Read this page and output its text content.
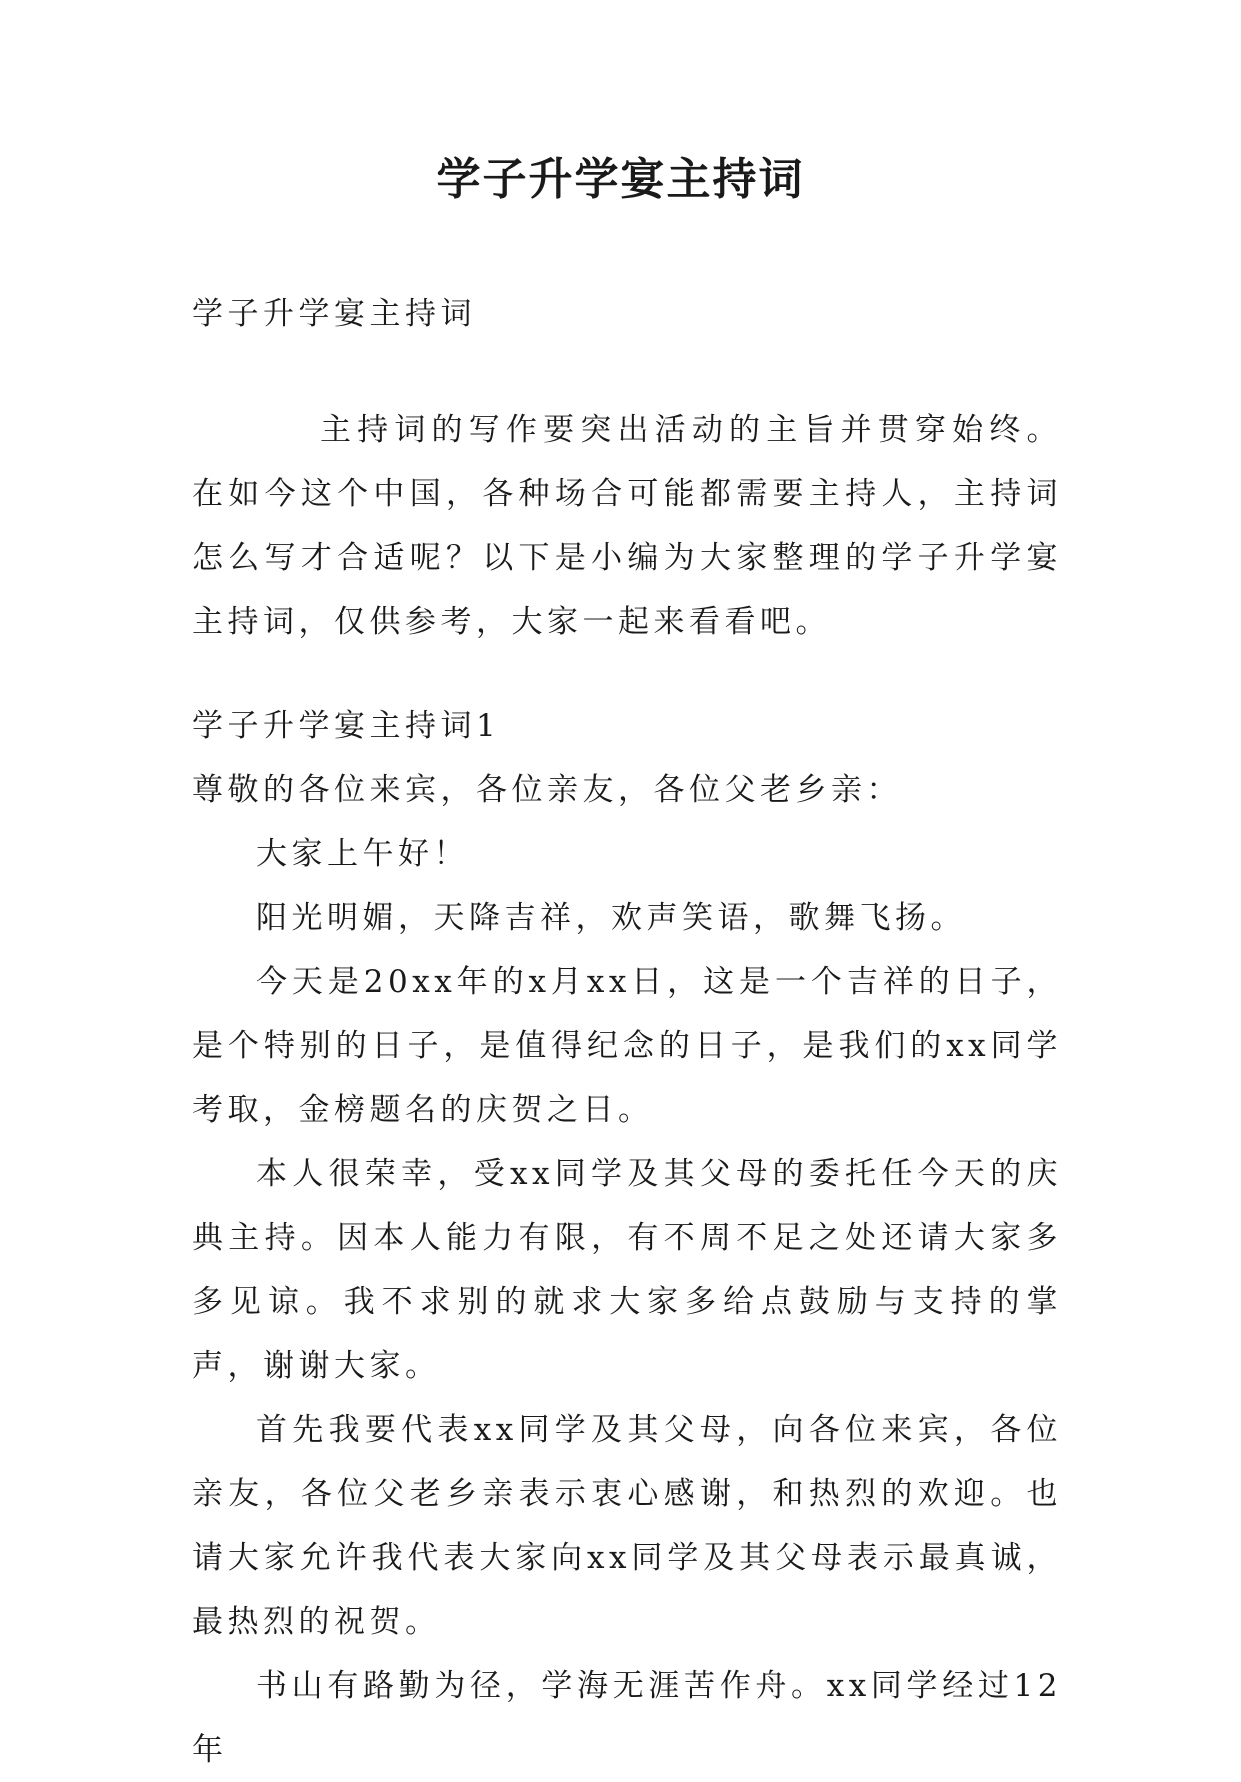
学子升学宴主持词

学子升学宴主持词

主持词的写作要突出活动的主旨并贯穿始终。在如今这个中国，各种场合可能都需要主持人，主持词怎么写才合适呢？以下是小编为大家整理的学子升学宴主持词，仅供参考，大家一起来看看吧。

学子升学宴主持词1

尊敬的各位来宾，各位亲友，各位父老乡亲：

大家上午好！

阳光明媚，天降吉祥，欢声笑语，歌舞飞扬。

今天是20xx年的x月xx日，这是一个吉祥的日子，是个特别的日子，是值得纪念的日子，是我们的xx同学考取，金榜题名的庆贺之日。

本人很荣幸，受xx同学及其父母的委托任今天的庆典主持。因本人能力有限，有不周不足之处还请大家多多见谅。我不求别的就求大家多给点鼓励与支持的掌声，谢谢大家。

首先我要代表xx同学及其父母，向各位来宾，各位亲友，各位父老乡亲表示衷心感谢，和热烈的欢迎。也请大家允许我代表大家向xx同学及其父母表示最真诚，最热烈的祝贺。

书山有路勤为径，学海无涯苦作舟。xx同学经过12年
